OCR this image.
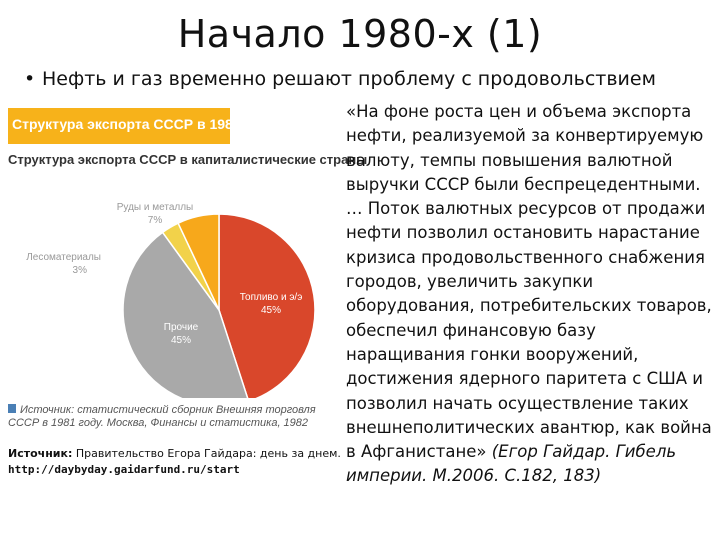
Начало 1980-х (1)
• Нефть и газ временно решают проблему с продовольствием
Структура экспорта СССР в 1981 году
Структура экспорта СССР в капиталистические страны
Топливо и э/э
45%
Прочие
45%
Лесоматериалы
3%
Руды и металлы
7%
Источник: статистический сборник Внешняя торговля СССР в 1981 году. Москва, Финансы и статистика, 1982
«На фоне роста цен и объема экспорта нефти, реализуемой за конвертируемую валюту, темпы повышения валютной выручки СССР были беспрецедентными. … Поток валютных ресурсов от продажи нефти позволил остановить нарастание кризиса продовольственного снабжения городов, увеличить закупки оборудования, потребительских товаров, обеспечил финансовую базу наращивания гонки вооружений, достижения ядерного паритета с США и позволил начать осуществление таких внешнеполитических авантюр, как война в Афганистане» (Егор Гайдар. Гибель империи. М.2006. С.182, 183)
Источник: Правительство Егора Гайдара: день за днем.
http://daybyday.gaidarfund.ru/start
